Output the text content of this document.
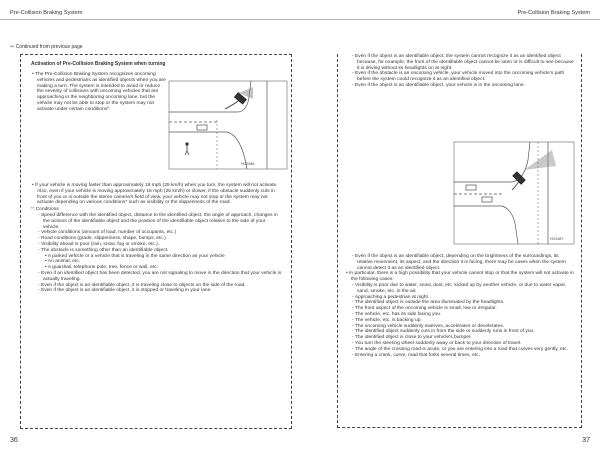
Pre-Collision Braking System	Pre-Collision Braking System
⇨ Continued from previous page

Activation of Pre-Collision Braking System when turning

• The Pre-Collision Braking System recognizes oncoming vehicles and pedestrians as identified objects when you are making a turn. The system is intended to avoid or reduce the severity of collisions with oncoming vehicles that are approaching in the neighboring oncoming lane, but the vehicle may not be able to stop or the system may not activate under certain conditions*.

HOS486

• If your vehicle is moving faster than approximately 18 mph (25 km/h) when you turn, the system will not activate. Also, even if your vehicle is moving approximately 18 mph (25 km/h) or slower, if the obstacle suddenly cuts in front of you or is outside the stereo camera's field of view, your vehicle may not stop or the system may not activate depending on various conditions* such as visibility or the slipperiness of the road.

*: Conditions

- Speed difference with the identified object, distance to the identified object, the angle of approach, changes in the actions of the identifiable object and the position of the identifiable object relative to the side of your vehicle.

- Vehicle conditions (amount of load, number of occupants, etc.)

- Road conditions (grade, slipperiness, shape, bumps, etc.)

- Visibility ahead is poor (rain, snow, fog or smoke, etc.).

- The obstacle is something other than an identifiable object.

• A parked vehicle or a vehicle that is traveling in the same direction as your vehicle

• An animal, etc.

• A guardrail, telephone pole, tree, fence or wall, etc.

- Even if an identified object has been detected, you are not signaling to move in the direction that your vehicle is actually traveling.

- Even if the object is an identifiable object, it is traveling close to objects on the side of the road.

- Even if the object is an identifiable object, it is stopped or traveling in your lane.

- Even if the object is an identifiable object, the system cannot recognize it as an identified object because, for example, the front of the identifiable object cannot be seen or is difficult to see because it is driving without its headlights on at night.

- Even if the obstacle is an oncoming vehicle, your vehicle moved into the oncoming vehicle's path before the system could recognize it as an identified object.

- Even if the object is an identifiable object, your vehicle is in the oncoming lane.

HOS487

- Even if the object is an identifiable object, depending on the brightness of the surroundings, its relative movement, its aspect, and the direction it is facing, there may be cases when the system cannot detect it as an identified object.

• In particular, there is a high possibility that your vehicle cannot stop or that the system will not activate in the following cases:

- Visibility is poor due to water, snow, dust, etc. kicked up by another vehicle, or due to water vapor, sand, smoke, etc. in the air.

- Approaching a pedestrian at night.

- The identified object is outside the area illuminated by the headlights.

- The front aspect of the oncoming vehicle is small, low or irregular.

- The vehicle, etc. has its side facing you.

- The vehicle, etc. is backing up.

- The oncoming vehicle suddenly swerves, accelerates or decelerates.

- The identified object suddenly cuts in from the side or suddenly runs in front of you.

- The identified object is close to your vehicle's bumper.

- You turn the steering wheel suddenly away or back to your direction of travel.

- The angle of the crossing road is acute, or you are entering into a road that curves very gently, etc.

- Entering a crank, curve, road that forks several times, etc.

36	37
